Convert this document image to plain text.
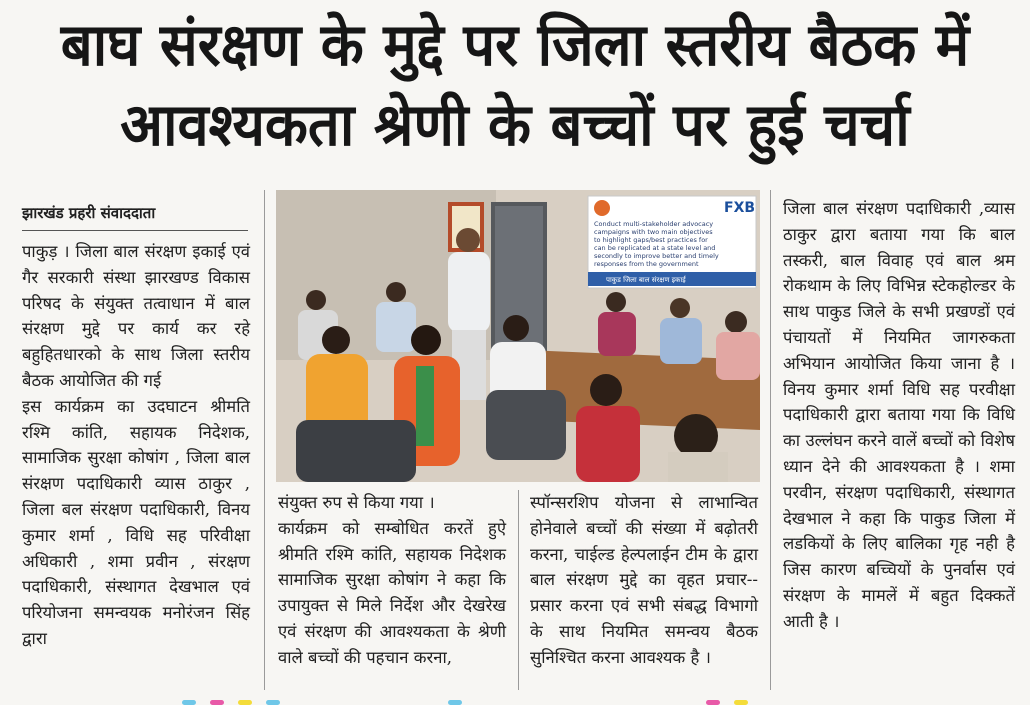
बाघ संरक्षण के मुद्दे पर जिला स्तरीय बैठक में
आवश्यकता श्रेणी के बच्चों पर हुई चर्चा
झारखंड प्रहरी संवाददाता

पाकुड़ । जिला बाल संरक्षण इकाई एवं गैर सरकारी संस्था झारखण्ड विकास परिषद के संयुक्त तत्वाधान में बाल संरक्षण मुद्दे पर कार्य कर रहे बहुहितधारको के साथ जिला स्तरीय बैठक आयोजित की गई

इस कार्यक्रम का उदघाटन श्रीमति रश्मि कांति, सहायक निदेशक, सामाजिक सुरक्षा कोषांग , जिला बाल संरक्षण पदाधिकारी व्यास ठाकुर , जिला बल संरक्षण पदाधिकारी, विनय कुमार शर्मा , विधि सह परिवीक्षा अधिकारी , शमा प्रवीन , संरक्षण पदाधिकारी, संस्थागत देखभाल एवं परियोजना समन्वयक मनोरंजन सिंह द्वारा

FXB
Conduct multi-stakeholder advocacy
campaigns with two main objectives
to highlight gaps/best practices for
can be replicated at a state level and
secondly to improve better and timely
responses from the government
पाकुड जिला बाल संरक्षण इकाई

संयुक्त रुप से किया गया ।

कार्यक्रम को सम्बोधित करतें हुऐ श्रीमति रश्मि कांति, सहायक निदेशक सामाजिक सुरक्षा कोषांग ने कहा कि उपायुक्त से मिले निर्देश और देखरेख एवं संरक्षण की आवश्यकता के श्रेणी वाले बच्चों की पहचान करना,

स्पॉन्सरशिप योजना से लाभान्वित होनेवाले बच्चों की संख्या में बढ़ोतरी करना, चाईल्ड हेल्पलाईन टीम के द्वारा बाल संरक्षण मुद्दे का वृहत प्रचार--प्रसार करना एवं सभी संबद्ध विभागो के साथ नियमित समन्वय बैठक सुनिश्चित करना आवश्यक है ।

जिला बाल संरक्षण पदाधिकारी ,व्यास ठाकुर द्वारा बताया गया कि बाल तस्करी, बाल विवाह एवं बाल श्रम रोकथाम के लिए विभिन्न स्टेकहोल्डर के साथ पाकुड जिले के सभी प्रखण्डों एवं पंचायतों में नियमित जागरुकता अभियान आयोजित किया जाना है । विनय कुमार शर्मा विधि सह परवीक्षा पदाधिकारी द्वारा बताया गया कि विधि का उल्लंघन करने वालें बच्चों को विशेष ध्यान देने की आवश्यकता है । शमा परवीन, संरक्षण पदाधिकारी, संस्थागत देखभाल ने कहा कि पाकुड जिला में लडकियों के लिए बालिका गृह नही है जिस कारण बच्चियों के पुनर्वास एवं संरक्षण के मामलें में बहुत दिक्कतें आती है ।
